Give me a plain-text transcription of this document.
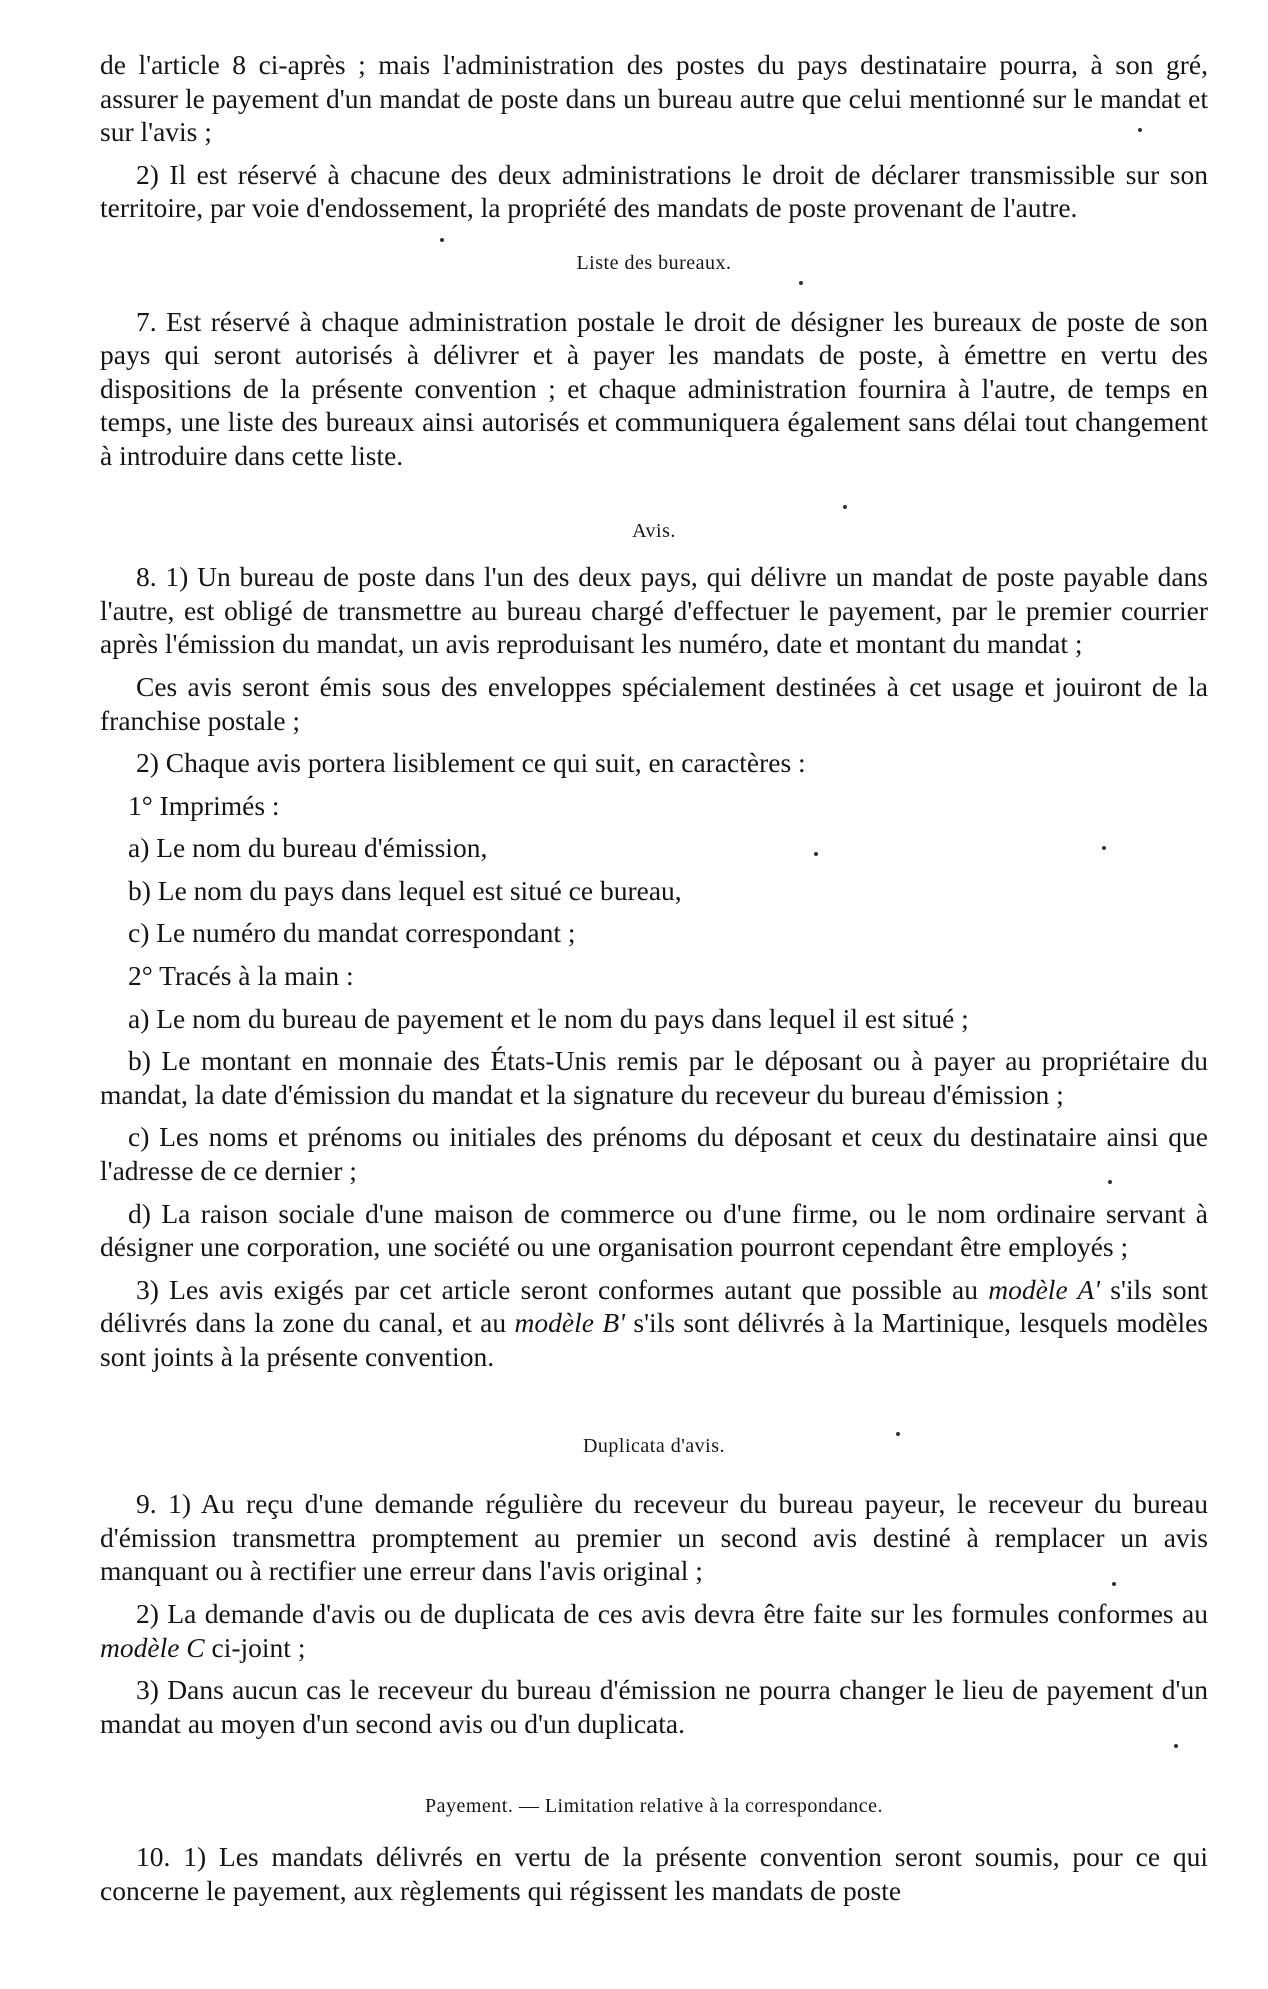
de l'article 8 ci-après ; mais l'administration des postes du pays destinataire pourra, à son gré, assurer le payement d'un mandat de poste dans un bureau autre que celui mentionné sur le mandat et sur l'avis ;

2) Il est réservé à chacune des deux administrations le droit de déclarer transmissible sur son territoire, par voie d'endossement, la propriété des mandats de poste provenant de l'autre.

Liste des bureaux.

7. Est réservé à chaque administration postale le droit de désigner les bureaux de poste de son pays qui seront autorisés à délivrer et à payer les mandats de poste, à émettre en vertu des dispositions de la présente convention ; et chaque administration fournira à l'autre, de temps en temps, une liste des bureaux ainsi autorisés et communiquera également sans délai tout changement à introduire dans cette liste.

Avis.

8. 1) Un bureau de poste dans l'un des deux pays, qui délivre un mandat de poste payable dans l'autre, est obligé de transmettre au bureau chargé d'effectuer le payement, par le premier courrier après l'émission du mandat, un avis reproduisant les numéro, date et montant du mandat ;

Ces avis seront émis sous des enveloppes spécialement destinées à cet usage et jouiront de la franchise postale ;

2) Chaque avis portera lisiblement ce qui suit, en caractères :

1° Imprimés :

a) Le nom du bureau d'émission,

b) Le nom du pays dans lequel est situé ce bureau,

c) Le numéro du mandat correspondant ;

2° Tracés à la main :

a) Le nom du bureau de payement et le nom du pays dans lequel il est situé ;

b) Le montant en monnaie des États-Unis remis par le déposant ou à payer au propriétaire du mandat, la date d'émission du mandat et la signature du receveur du bureau d'émission ;

c) Les noms et prénoms ou initiales des prénoms du déposant et ceux du destinataire ainsi que l'adresse de ce dernier ;

d) La raison sociale d'une maison de commerce ou d'une firme, ou le nom ordinaire servant à désigner une corporation, une société ou une organisation pourront cependant être employés ;

3) Les avis exigés par cet article seront conformes autant que possible au modèle A' s'ils sont délivrés dans la zone du canal, et au modèle B' s'ils sont délivrés à la Martinique, lesquels modèles sont joints à la présente convention.

Duplicata d'avis.

9. 1) Au reçu d'une demande régulière du receveur du bureau payeur, le receveur du bureau d'émission transmettra promptement au premier un second avis destiné à remplacer un avis manquant ou à rectifier une erreur dans l'avis original ;

2) La demande d'avis ou de duplicata de ces avis devra être faite sur les formules conformes au modèle C ci-joint ;

3) Dans aucun cas le receveur du bureau d'émission ne pourra changer le lieu de payement d'un mandat au moyen d'un second avis ou d'un duplicata.

Payement. — Limitation relative à la correspondance.

10. 1) Les mandats délivrés en vertu de la présente convention seront soumis, pour ce qui concerne le payement, aux règlements qui régissent les mandats de poste
